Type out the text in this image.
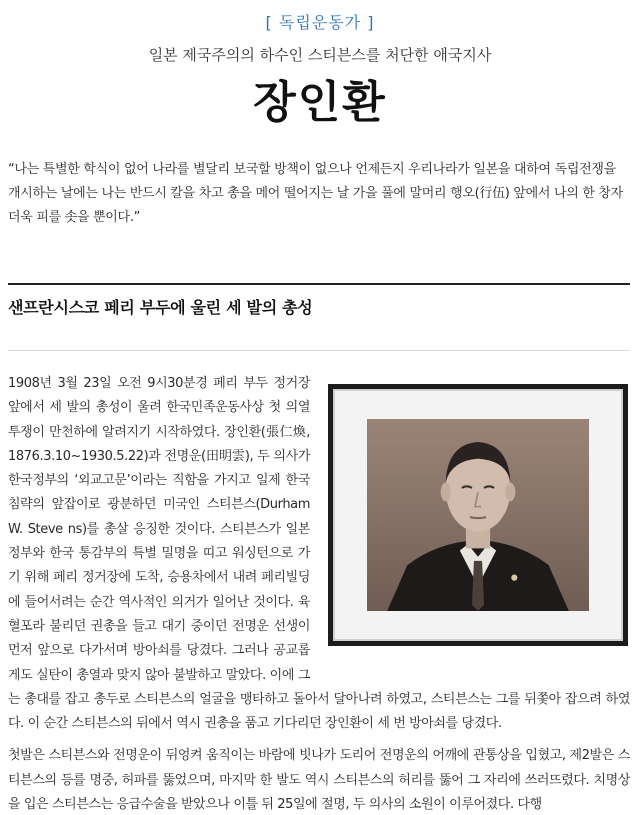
[ 독립운동가 ]
일본 제국주의의 하수인 스티븐스를 처단한 애국지사
장인환
“나는 특별한 학식이 없어 나라를 별달리 보국할 방책이 없으나 언제든지 우리나라가 일본을 대하여 독립전쟁을 개시하는 날에는 나는 반드시 칼을 차고 총을 메어 떨어지는 날 가을 풀에 말머리 행오(行伍) 앞에서 나의 한 창자 더욱 피를 솟을 뿐이다.”
샌프란시스코 페리 부두에 울린 세 발의 총성

1908년 3월 23일 오전 9시30분경 페리 부두 정거장 앞에서 세 발의 총성이 울려 한국민족운동사상 첫 의열투쟁이 만천하에 알려지기 시작하였다. 장인환(張仁煥, 1876.3.10~1930.5.22)과 전명운(田明雲), 두 의사가 한국정부의 ‘외교고문’이라는 직함을 가지고 일제 한국침략의 앞잡이로 광분하던 미국인 스티븐스(Durham W. Steve ns)를 총살 응징한 것이다. 스티븐스가 일본 정부와 한국 통감부의 특별 밀명을 띠고 워싱턴으로 가기 위해 페리 정거장에 도착, 승용차에서 내려 페리빌딩에 들어서려는 순간 역사적인 의거가 일어난 것이다. 육혈포라 불리던 권총을 들고 대기 중이던 전명운 선생이 먼저 앞으로 다가서며 방아쇠를 당겼다. 그러나 공교롭게도 실탄이 총열과 맞지 않아 불발하고 말았다. 이에 그는 총대를 잡고 총두로 스티븐스의 얼굴을 맹타하고 돌아서 달아나려 하였고, 스티븐스는 그를 뒤쫓아 잡으려 하였다. 이 순간 스티븐스의 뒤에서 역시 권총을 품고 기다리던 장인환이 세 번 방아쇠를 당겼다.

첫발은 스티븐스와 전명운이 뒤엉켜 움직이는 바람에 빗나가 도리어 전명운의 어깨에 관통상을 입혔고, 제2발은 스티븐스의 등를 명중, 허파를 뚫었으며, 마지막 한 발도 역시 스티븐스의 허리를 뚫어 그 자리에 쓰러뜨렸다. 치명상을 입은 스티븐스는 응급수술을 받았으나 이틀 뒤 25일에 절명, 두 의사의 소원이 이루어졌다. 다행
